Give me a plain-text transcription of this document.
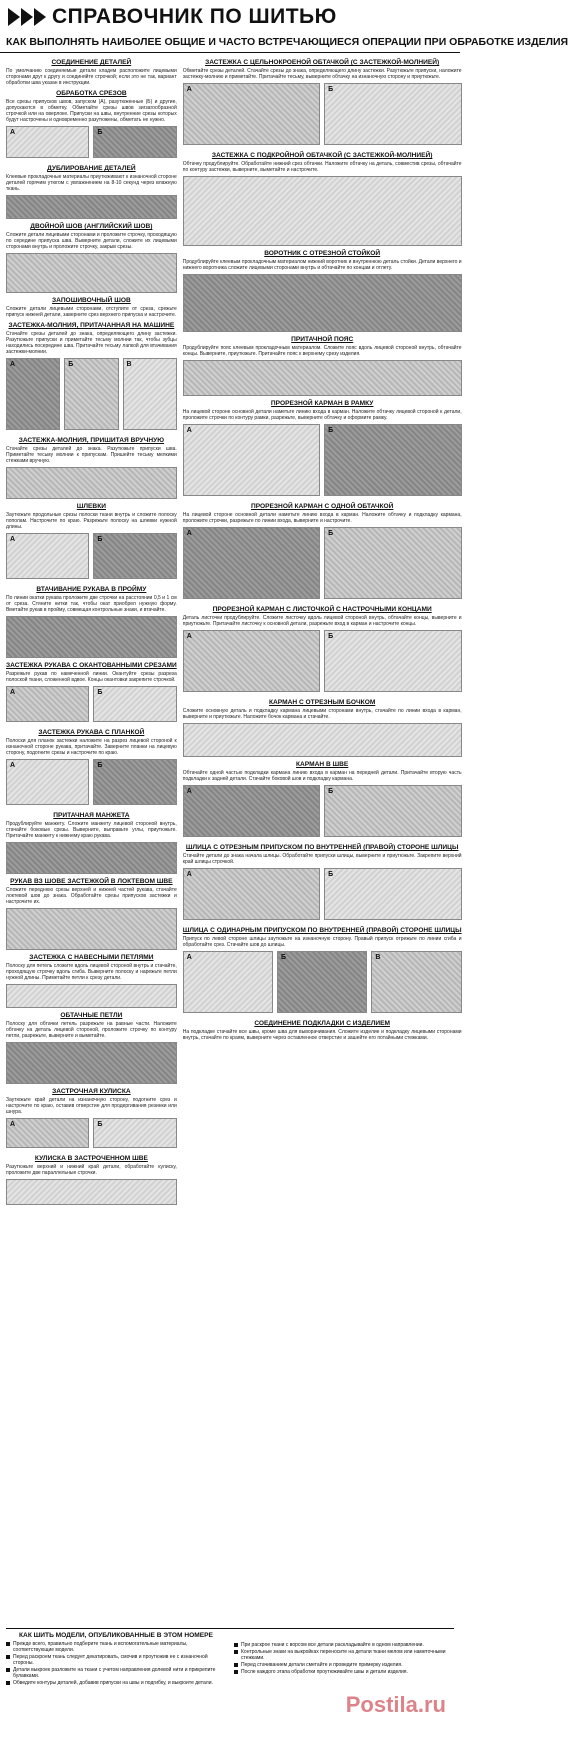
СПРАВОЧНИК ПО ШИТЬЮ
КАК ВЫПОЛНЯТЬ НАИБОЛЕЕ ОБЩИЕ И ЧАСТО ВСТРЕЧАЮЩИЕСЯ ОПЕРАЦИИ ПРИ ОБРАБОТКЕ ИЗДЕЛИЯ
СОЕДИНЕНИЕ ДЕТАЛЕЙ
По умолчанию соединяемые детали кладем расположите лицевыми сторонами друг к другу и соединяйте строчкой; если это не так, вариант обработки шва указан в инструкции.
ОБРАБОТКА СРЕЗОВ
Все срезы припусков швов, запуском (А), разутюженные (Б) и другие, допускаются в обметку. Обметайте срезы швов зигзагообразной строчкой или на оверлоке. Припуски на швы, внутренние срезы которых будут настрочены и одновременно разутюжены, обметать не нужно.
А	Б
ДУБЛИРОВАНИЕ ДЕТАЛЕЙ
Клеевые прокладочные материалы приутюживают к изнаночной стороне деталей горячим утюгом с увлажнением на 8-10 секунд через влажную ткань.
ДВОЙНОЙ ШОВ (АНГЛИЙСКИЙ ШОВ)
Сложите детали лицевыми сторонами и проложите строчку, проходящую по середине припуска шва. Выверните детали, сложите их лицевыми сторонами внутрь и проложите строчку, закрыв срезы.
ЗАПОШИВОЧНЫЙ ШОВ
Сложите детали лицевыми сторонами, отступите от среза, срежьте припуск нижней детали, заверните срез верхнего припуска и настрочите.
ЗАСТЕЖКА-МОЛНИЯ, ПРИТАЧАННАЯ НА МАШИНЕ
Стачайте срезы деталей до знака, определяющего длину застежки. Разутюжьте припуски и приметайте тесьму молнии так, чтобы зубцы находились посередине шва. Притачайте тесьму лапкой для втачивания застежки-молнии.
А	Б	В
ЗАСТЕЖКА-МОЛНИЯ, ПРИШИТАЯ ВРУЧНУЮ
Стачайте срезы деталей до знака. Разутюжьте припуски шва. Приметайте тесьму молнии к припускам. Пришейте тесьму мелкими стежками вручную.
ШЛЕВКИ
Заутюжьте продольные срезы полоски ткани внутрь и сложите полоску пополам. Настрочите по краю. Разрежьте полоску на шлевки нужной длины.
А	Б
ВТАЧИВАНИЕ РУКАВА В ПРОЙМУ
По линии окатки рукава проложите две строчки на расстоянии 0,5 и 1 см от среза. Стяните нитки так, чтобы окат приобрел нужную форму. Вметайте рукав в пройму, совмещая контрольные знаки, и втачайте.
ЗАСТЕЖКА РУКАВА С ОКАНТОВАННЫМИ СРЕЗАМИ
Разрежьте рукав по намеченной линии. Окантуйте срезы разреза полоской ткани, сложенной вдвое. Концы окантовки закрепите строчкой.
А	Б
ЗАСТЕЖКА РУКАВА С ПЛАНКОЙ
Полоски для планок застежки наложите на разрез лицевой стороной к изнаночной стороне рукава, притачайте. Заверните планки на лицевую сторону, подогните срезы и настрочите по краю.
А	Б
ПРИТАЧНАЯ МАНЖЕТА
Продублируйте манжету. Сложите манжету лицевой стороной внутрь, стачайте боковые срезы. Выверните, выправьте углы, приутюжьте. Притачайте манжету к нижнему краю рукава.
РУКАВ ВЗ ШОВЕ ЗАСТЕЖКОЙ В ЛОКТЕВОМ ШВЕ
Сложите переднюю срезы верхней и нижней частей рукава, стачайте локтевой шов до знака. Обработайте срезы припусков застежки и настрочите их.
ЗАСТЕЖКА С НАВЕСНЫМИ ПЕТЛЯМИ
Полоску для петель сложите вдоль лицевой стороной внутрь и стачайте, проходящую строчку вдоль сгиба. Выверните полоску и нарежьте петли нужной длины. Приметайте петли к срезу детали.
ОБТАЧНЫЕ ПЕТЛИ
Полоску для обтачки петель разрежьте на равные части. Наложите обтачку на деталь лицевой стороной, проложите строчку по контуру петли, разрежьте, выверните и выметайте.
ЗАСТРОЧНАЯ КУЛИСКА
Заутюжьте край детали на изнаночную сторону, подогните срез и настрочите по краю, оставив отверстие для продергивания резинки или шнура.
А	Б
КУЛИСКА В ЗАСТРОЧЕННОМ ШВЕ
Разутюжьте верхний и нижний край детали, обработайте кулиску, проложите две параллельные строчки.
ЗАСТЕЖКА С ЦЕЛЬНОКРОЕНОЙ ОБТАЧКОЙ (С ЗАСТЕЖКОЙ-МОЛНИЕЙ)
Обметайте срезы деталей. Стачайте срезы до знака, определяющего длину застежки. Разутюжьте припуски, наложите застежку-молнию и приметайте. Притачайте тесьму, выверните обтачку на изнаночную сторону и приутюжьте.
А	Б
ЗАСТЕЖКА С ПОДКРОЙНОЙ ОБТАЧКОЙ (С ЗАСТЕЖКОЙ-МОЛНИЕЙ)
Обтачку продублируйте. Обработайте нижний срез обтачки. Наложите обтачку на деталь, совместив срезы, обтачайте по контуру застежки, выверните, выметайте и настрочите.
ВОРОТНИК С ОТРЕЗНОЙ СТОЙКОЙ
Продублируйте клеевым прокладочным материалом нижний воротник и внутреннюю деталь стойки. Детали верхнего и нижнего воротника сложите лицевыми сторонами внутрь и обтачайте по концам и отлету.
ПРИТАЧНОЙ ПОЯС
Продублируйте пояс клеевым прокладочным материалом. Сложите пояс вдоль лицевой стороной внутрь, обтачайте концы. Выверните, приутюжьте. Притачайте пояс к верхнему срезу изделия.
ПРОРЕЗНОЙ КАРМАН В РАМКУ
На лицевой стороне основной детали наметьте линию входа в карман. Наложите обтачку лицевой стороной к детали, проложите строчки по контуру рамки, разрежьте, выверните обтачку и оформите рамку.
А	Б
ПРОРЕЗНОЙ КАРМАН С ОДНОЙ ОБТАЧКОЙ
На лицевой стороне основной детали наметьте линию входа в карман. Наложите обтачку и подкладку кармана, проложите строчки, разрежьте по линии входа, выверните и настрочите.
А	Б
ПРОРЕЗНОЙ КАРМАН С ЛИСТОЧКОЙ С НАСТРОЧНЫМИ КОНЦАМИ
Деталь листочки продублируйте. Сложите листочку вдоль лицевой стороной внутрь, обтачайте концы, выверните и приутюжьте. Притачайте листочку к основной детали, разрежьте вход в карман и настрочите концы.
А	Б
КАРМАН С ОТРЕЗНЫМ БОЧКОМ
Сложите основную деталь и подкладку кармана лицевыми сторонами внутрь, стачайте по линии входа в карман, выверните и приутюжьте. Наложите бочок кармана и стачайте.
КАРМАН В ШВЕ
Обтачайте одной частью подкладки кармана линию входа в карман на передней детали. Притачайте вторую часть подкладки к задней детали. Стачайте боковой шов и подкладку кармана.
А	Б
ШЛИЦА С ОТРЕЗНЫМ ПРИПУСКОМ ПО ВНУТРЕННЕЙ (ПРАВОЙ) СТОРОНЕ ШЛИЦЫ
Стачайте детали до знака начала шлицы. Обработайте припуски шлицы, выверните и приутюжьте. Закрепите верхний край шлицы строчкой.
А	Б
ШЛИЦА С ОДИНАРНЫМ ПРИПУСКОМ ПО ВНУТРЕННЕЙ (ПРАВОЙ) СТОРОНЕ ШЛИЦЫ
Припуск по левой стороне шлицы заутюжьте на изнаночную сторону. Правый припуск отрежьте по линии сгиба и обработайте срез. Стачайте шов до шлицы.
А	Б	В
СОЕДИНЕНИЕ ПОДКЛАДКИ С ИЗДЕЛИЕМ
На подкладке стачайте все швы, кроме шва для выворачивания. Сложите изделие и подкладку лицевыми сторонами внутрь, стачайте по краям, выверните через оставленное отверстие и зашейте его потайными стежками.
КАК ШИТЬ МОДЕЛИ, ОПУБЛИКОВАННЫЕ В ЭТОМ НОМЕРЕ
Прежде всего, правильно подберите ткань и вспомогательные материалы, соответствующие модели.
Перед раскроем ткань следует декатировать, смочив и проутюжив ее с изнаночной стороны.
Детали выкроек разложите на ткани с учетом направления долевой нити и прикрепите булавками.
Обведите контуры деталей, добавив припуски на швы и подгибку, и выкроите детали.
При раскрое ткани с ворсом все детали раскладывайте в одном направлении.
Контрольные знаки на выкройках переносите на детали ткани мелом или наметочными стежками.
Перед стачиванием детали сметайте и проведите примерку изделия.
После каждого этапа обработки проутюживайте швы и детали изделия.
Postila.ru
